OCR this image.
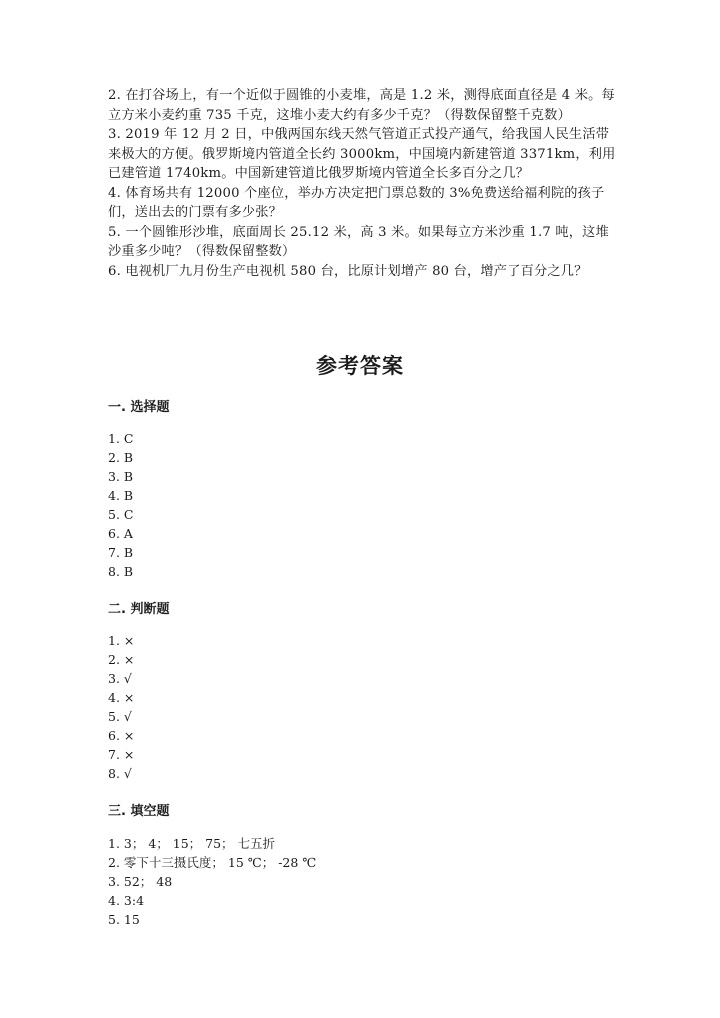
2. 在打谷场上，有一个近似于圆锥的小麦堆，高是 1.2 米，测得底面直径是 4 米。每立方米小麦约重 735 千克，这堆小麦大约有多少千克？（得数保留整千克数）

3. 2019 年 12 月 2 日，中俄两国东线天然气管道正式投产通气，给我国人民生活带来极大的方便。俄罗斯境内管道全长约 3000km，中国境内新建管道 3371km，利用已建管道 1740km。中国新建管道比俄罗斯境内管道全长多百分之几？

4. 体育场共有 12000 个座位，举办方决定把门票总数的 3%免费送给福利院的孩子们，送出去的门票有多少张？

5. 一个圆锥形沙堆，底面周长 25.12 米，高 3 米。如果每立方米沙重 1.7 吨，这堆沙重多少吨？（得数保留整数）

6. 电视机厂九月份生产电视机 580 台，比原计划增产 80 台，增产了百分之几？

参考答案
一. 选择题
1. C
2. B
3. B
4. B
5. C
6. A
7. B
8. B
二. 判断题
1. ×
2. ×
3. √
4. ×
5. √
6. ×
7. ×
8. √
三. 填空题
1. 3； 4； 15； 75； 七五折
2. 零下十三摄氏度； 15 ℃； -28 ℃
3. 52； 48
4. 3:4
5. 15
